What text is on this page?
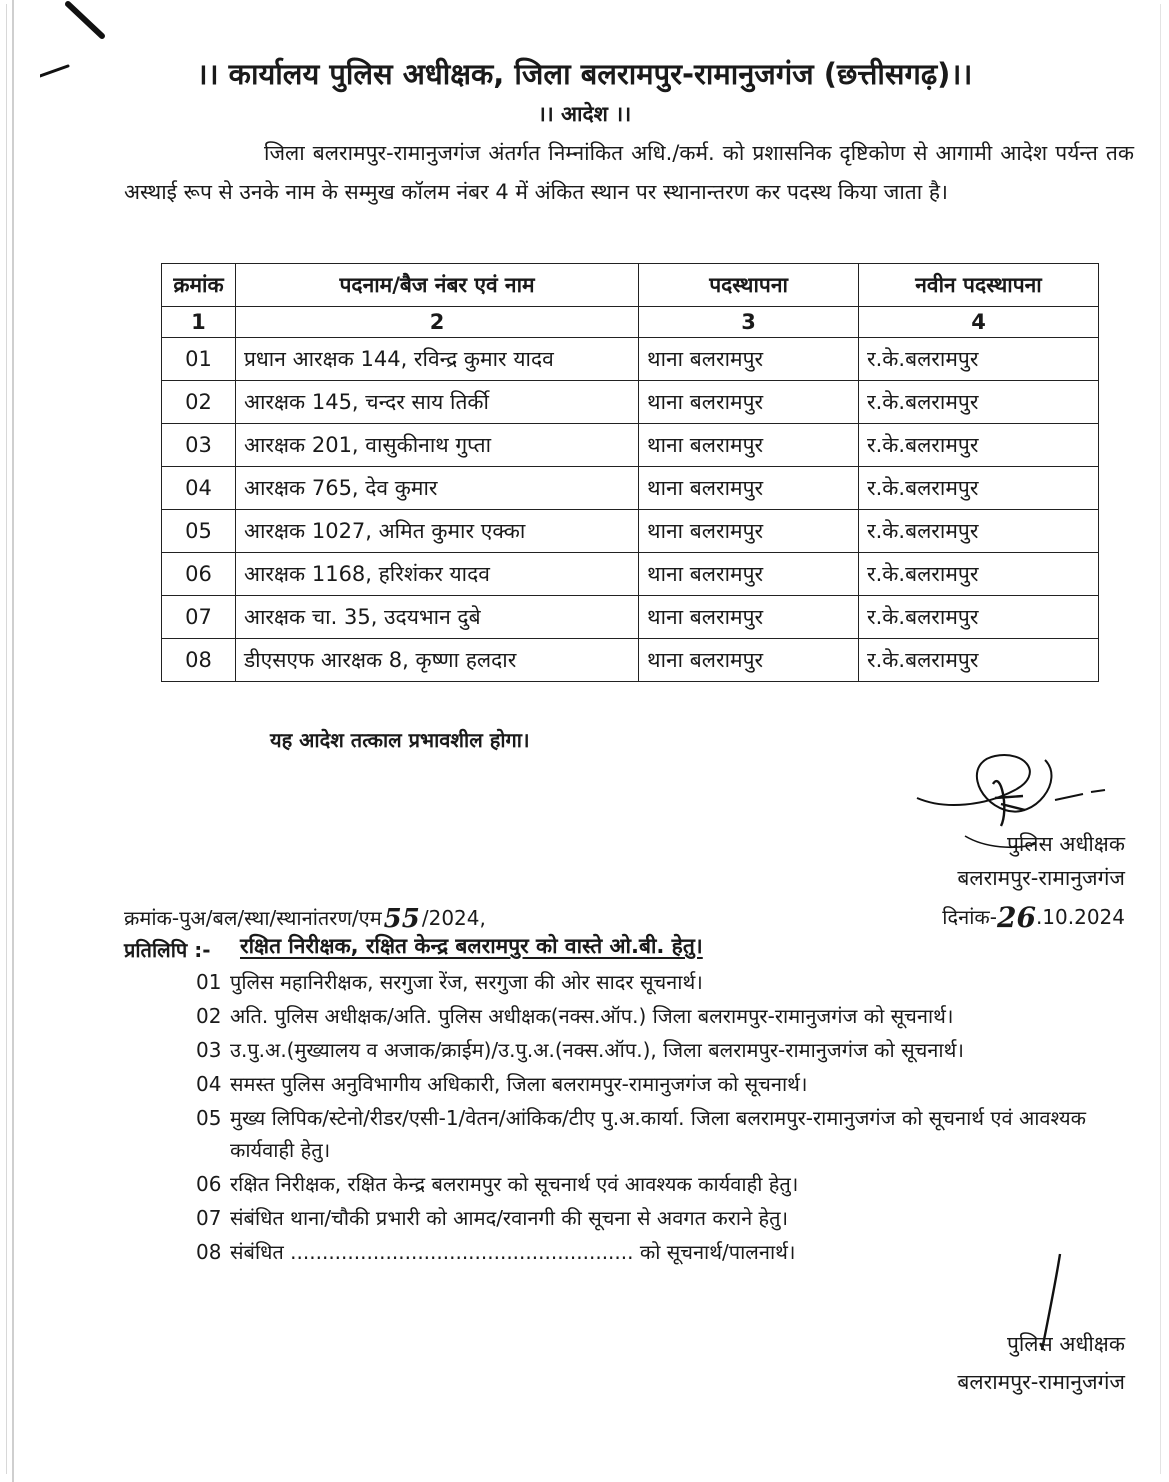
।। कार्यालय पुलिस अधीक्षक, जिला बलरामपुर-रामानुजगंज (छत्तीसगढ़)।।
।। आदेश ।।
जिला बलरामपुर-रामानुजगंज अंतर्गत निम्नांकित अधि./कर्म. को प्रशासनिक दृष्टिकोण से आगामी आदेश पर्यन्त तक अस्थाई रूप से उनके नाम के सम्मुख कॉलम नंबर 4 में अंकित स्थान पर स्थानान्तरण कर पदस्थ किया जाता है।
क्रमांक	पदनाम/बैज नंबर एवं नाम	पदस्थापना	नवीन पदस्थापना
1	2	3	4
01	प्रधान आरक्षक 144, रविन्द्र कुमार यादव	थाना बलरामपुर	र.के.बलरामपुर
02	आरक्षक 145, चन्दर साय तिर्की	थाना बलरामपुर	र.के.बलरामपुर
03	आरक्षक 201, वासुकीनाथ गुप्ता	थाना बलरामपुर	र.के.बलरामपुर
04	आरक्षक 765, देव कुमार	थाना बलरामपुर	र.के.बलरामपुर
05	आरक्षक 1027, अमित कुमार एक्का	थाना बलरामपुर	र.के.बलरामपुर
06	आरक्षक 1168, हरिशंकर यादव	थाना बलरामपुर	र.के.बलरामपुर
07	आरक्षक चा. 35, उदयभान दुबे	थाना बलरामपुर	र.के.बलरामपुर
08	डीएसएफ आरक्षक 8, कृष्णा हलदार	थाना बलरामपुर	र.के.बलरामपुर
यह आदेश तत्काल प्रभावशील होगा।
पुलिस अधीक्षक
बलरामपुर-रामानुजगंज
दिनांक-26.10.2024
क्रमांक-पुअ/बल/स्था/स्थानांतरण/एम55 /2024,
प्रतिलिपि :- रक्षित निरीक्षक, रक्षित केन्द्र बलरामपुर को वास्ते ओ.बी. हेतु।
01 पुलिस महानिरीक्षक, सरगुजा रेंज, सरगुजा की ओर सादर सूचनार्थ।
02 अति. पुलिस अधीक्षक/अति. पुलिस अधीक्षक(नक्स.ऑप.) जिला बलरामपुर-रामानुजगंज को सूचनार्थ।
03 उ.पु.अ.(मुख्यालय व अजाक/क्राईम)/उ.पु.अ.(नक्स.ऑप.), जिला बलरामपुर-रामानुजगंज को सूचनार्थ।
04 समस्त पुलिस अनुविभागीय अधिकारी, जिला बलरामपुर-रामानुजगंज को सूचनार्थ।
05 मुख्य लिपिक/स्टेनो/रीडर/एसी-1/वेतन/आंकिक/टीए पु.अ.कार्या. जिला बलरामपुर-रामानुजगंज को सूचनार्थ एवं आवश्यक कार्यवाही हेतु।
06 रक्षित निरीक्षक, रक्षित केन्द्र बलरामपुर को सूचनार्थ एवं आवश्यक कार्यवाही हेतु।
07 संबंधित थाना/चौकी प्रभारी को आमद/रवानगी की सूचना से अवगत कराने हेतु।
08 संबंधित ...................................................... को सूचनार्थ/पालनार्थ।
पुलिस अधीक्षक
बलरामपुर-रामानुजगंज
